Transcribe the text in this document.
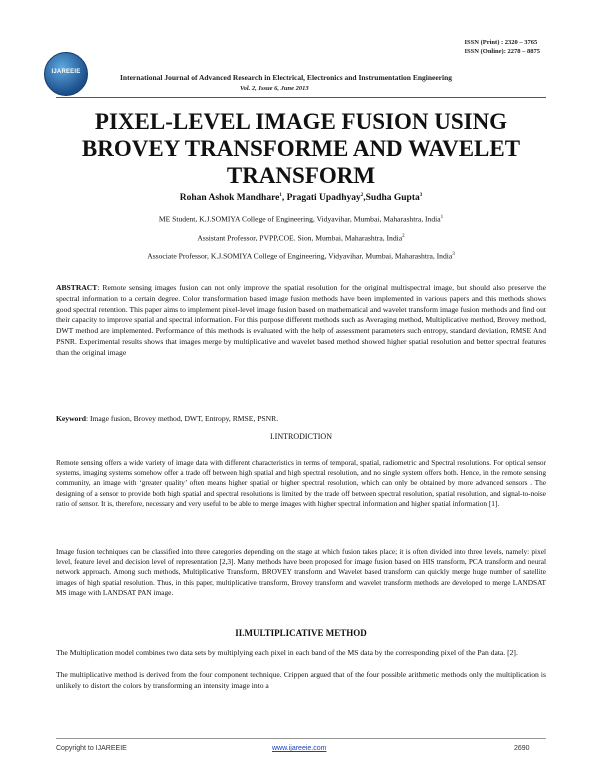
ISSN (Print) : 2320 – 3765
ISSN (Online): 2278 – 8875
IJAREEIE
International Journal of Advanced Research in Electrical, Electronics and Instrumentation Engineering
Vol. 2, Issue 6, June 2013
PIXEL-LEVEL IMAGE FUSION USING BROVEY TRANSFORME AND WAVELET TRANSFORM
Rohan Ashok Mandhare$^1$, Pragati Upadhyay$^2$,Sudha Gupta$^3$
ME Student, K.J.SOMIYA College of Engineering, Vidyavihar, Mumbai, Maharashtra, India$^1$
Assistant Professor, PVPP,COE. Sion, Mumbai, Maharashtra, India$^2$
Associate Professor, K.J.SOMIYA College of Engineering, Vidyavihar, Mumbai, Maharashtra, India$^3$
ABSTRACT: Remote sensing images fusion can not only improve the spatial resolution for the original multispectral image, but should also preserve the spectral information to a certain degree. Color transformation based image fusion methods have been implemented in various papers and this methods shows good spectral retention. This paper aims to implement pixel-level image fusion based on mathematical and wavelet transform image fusion methods and find out their capacity to improve spatial and spectral information. For this purpose different methods such as Averaging method, Multiplicative method, Brovey method, DWT method are implemented. Performance of this methods is evaluated with the help of assessment parameters such entropy, standard deviation, RMSE And PSNR. Experimental results shows that images merge by multiplicative and wavelet based method showed higher spatial resolution and better spectral features than the original image
Keyword: Image fusion, Brovey method, DWT, Entropy, RMSE, PSNR.
I.INTRODICTION
Remote sensing offers a wide variety of image data with different characteristics in terms of temporal, spatial, radiometric and Spectral resolutions. For optical sensor systems, imaging systems somehow offer a trade off between high spatial and high spectral resolution, and no single system offers both. Hence, in the remote sensing community, an image with ‘greater quality’ often means higher spatial or higher spectral resolution, which can only be obtained by more advanced sensors . The designing of a sensor to provide both high spatial and spectral resolutions is limited by the trade off between spectral resolution, spatial resolution, and signal-to-noise ratio of sensor. It is, therefore, necessary and very useful to be able to merge images with higher spectral information and higher spatial information [1].
Image fusion techniques can be classified into three categories depending on the stage at which fusion takes place; it is often divided into three levels, namely: pixel level, feature level and decision level of representation [2,3]. Many methods have been proposed for image fusion based on HIS transform, PCA transform and neural network approach. Among such methods, Multiplicative Transform, BROVEY transform and Wavelet based transform can quickly merge huge number of satellite images of high spatial resolution. Thus, in this paper, multiplicative transform, Brovey transform and wavelet transform methods are developed to merge LANDSAT MS image with LANDSAT PAN image.
II.MULTIPLICATIVE METHOD
The Multiplication model combines two data sets by multiplying each pixel in each band of the MS data by the corresponding pixel of the Pan data. [2].
The multiplicative method is derived from the four component technique. Crippen argued that of the four possible arithmetic methods only the multiplication is unlikely to distort the colors by transforming an intensity image into a
Copyright to IJAREEIE	www.ijareeie.com	2690
